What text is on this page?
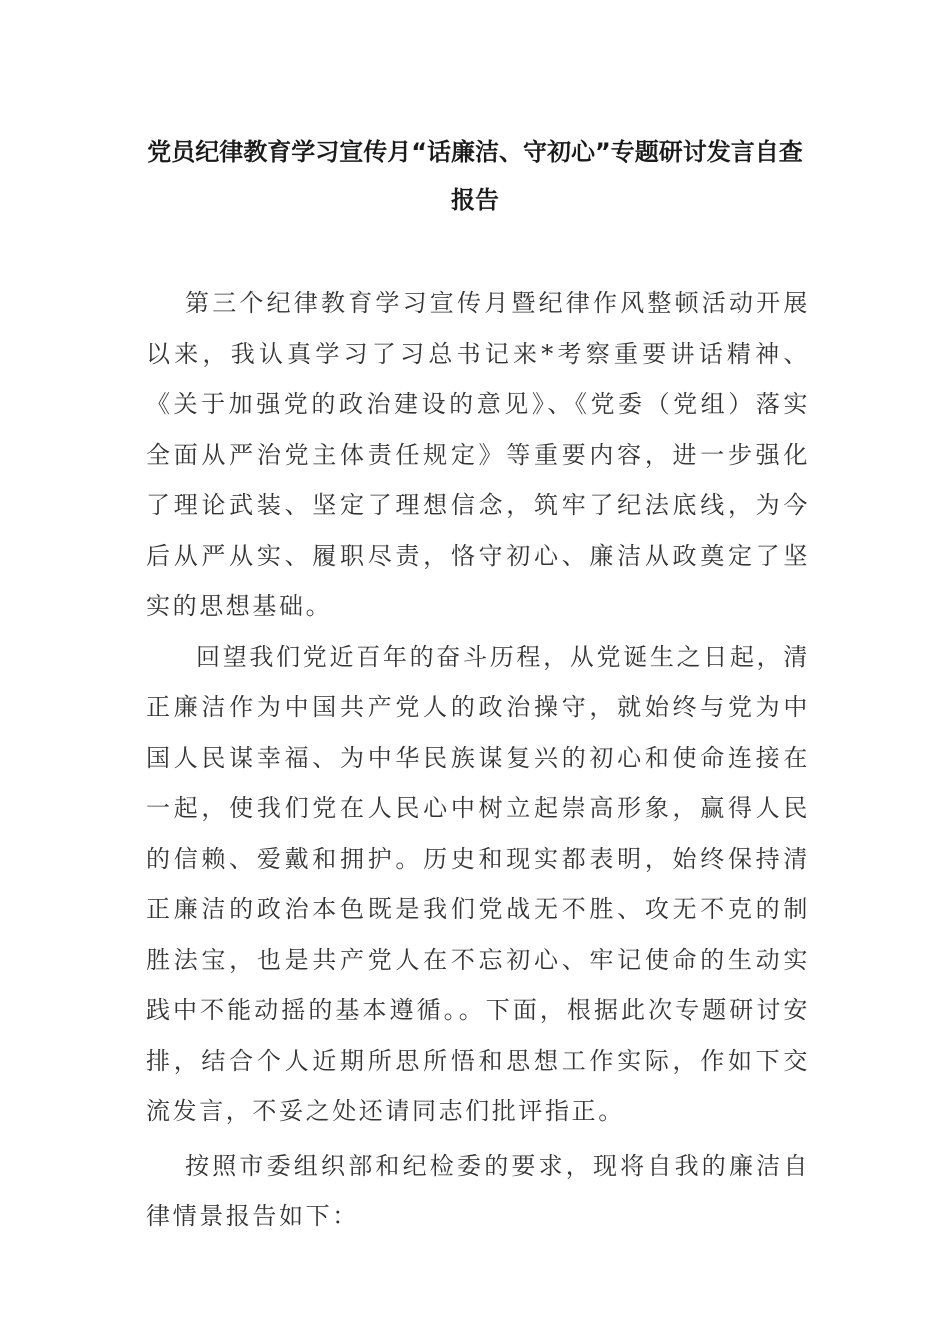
党员纪律教育学习宣传月“话廉洁、守初心”专题研讨发言自查报告

第三个纪律教育学习宣传月暨纪律作风整顿活动开展以来，我认真学习了习总书记来*考察重要讲话精神、《关于加强党的政治建设的意见》、《党委（党组）落实全面从严治党主体责任规定》等重要内容，进一步强化了理论武装、坚定了理想信念，筑牢了纪法底线，为今后从严从实、履职尽责，恪守初心、廉洁从政奠定了坚实的思想基础。

回望我们党近百年的奋斗历程，从党诞生之日起，清正廉洁作为中国共产党人的政治操守，就始终与党为中国人民谋幸福、为中华民族谋复兴的初心和使命连接在一起，使我们党在人民心中树立起崇高形象，赢得人民的信赖、爱戴和拥护。历史和现实都表明，始终保持清正廉洁的政治本色既是我们党战无不胜、攻无不克的制胜法宝，也是共产党人在不忘初心、牢记使命的生动实践中不能动摇的基本遵循。。下面，根据此次专题研讨安排，结合个人近期所思所悟和思想工作实际，作如下交流发言，不妥之处还请同志们批评指正。

按照市委组织部和纪检委的要求，现将自我的廉洁自律情景报告如下：
